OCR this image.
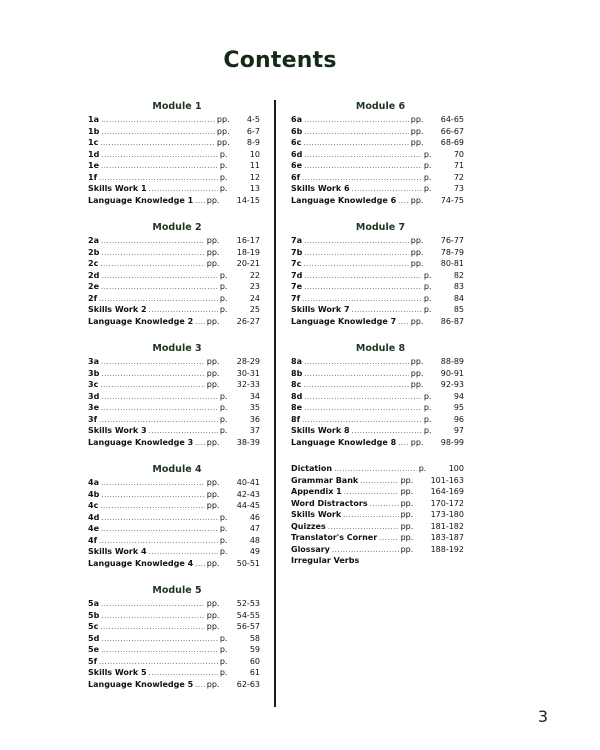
Contents
Module 1
1a .....	pp.	4-5
1b .....	pp.	6-7
1c .....	pp.	8-9
1d .....	p.	10
1e .....	p.	11
1f .....	p.	12
Skills Work 1 .....	p.	13
Language Knowledge 1 ..... pp.	14-15
Module 2
2a .....	pp.	16-17
2b .....	pp.	18-19
2c .....	pp.	20-21
2d .....	p.	22
2e .....	p.	23
2f .....	p.	24
Skills Work 2 .....	p.	25
Language Knowledge 2 ..... pp.	26-27
Module 3
3a .....	pp.	28-29
3b .....	pp.	30-31
3c .....	pp.	32-33
3d .....	p.	34
3e .....	p.	35
3f .....	p.	36
Skills Work 3 .....	p.	37
Language Knowledge 3 ..... pp.	38-39
Module 4
4a .....	pp.	40-41
4b .....	pp.	42-43
4c .....	pp.	44-45
4d .....	p.	46
4e .....	p.	47
4f .....	p.	48
Skills Work 4 .....	p.	49
Language Knowledge 4 ..... pp.	50-51
Module 5
5a .....	pp.	52-53
5b .....	pp.	54-55
5c .....	pp.	56-57
5d .....	p.	58
5e .....	p.	59
5f .....	p.	60
Skills Work 5 .....	p.	61
Language Knowledge 5 ..... pp.	62-63
Module 6
6a .....	pp.	64-65
6b .....	pp.	66-67
6c .....	pp.	68-69
6d .....	p.	70
6e .....	p.	71
6f .....	p.	72
Skills Work 6 .....	p.	73
Language Knowledge 6 ..... pp.	74-75
Module 7
7a .....	pp.	76-77
7b .....	pp.	78-79
7c .....	pp.	80-81
7d .....	p.	82
7e .....	p.	83
7f .....	p.	84
Skills Work 7 .....	p.	85
Language Knowledge 7 ..... pp.	86-87
Module 8
8a .....	pp.	88-89
8b .....	pp.	90-91
8c .....	pp.	92-93
8d .....	p.	94
8e .....	p.	95
8f .....	p.	96
Skills Work 8 .....	p.	97
Language Knowledge 8 ..... pp.	98-99
Dictation .....	p.	100
Grammar Bank .....	pp.	101-163
Appendix 1 .....	pp.	164-169
Word Distractors .....	pp.	170-172
Skills Work .....	pp.	173-180
Quizzes .....	pp.	181-182
Translator's Corner .....	pp.	183-187
Glossary .....	pp.	188-192
Irregular Verbs
3
